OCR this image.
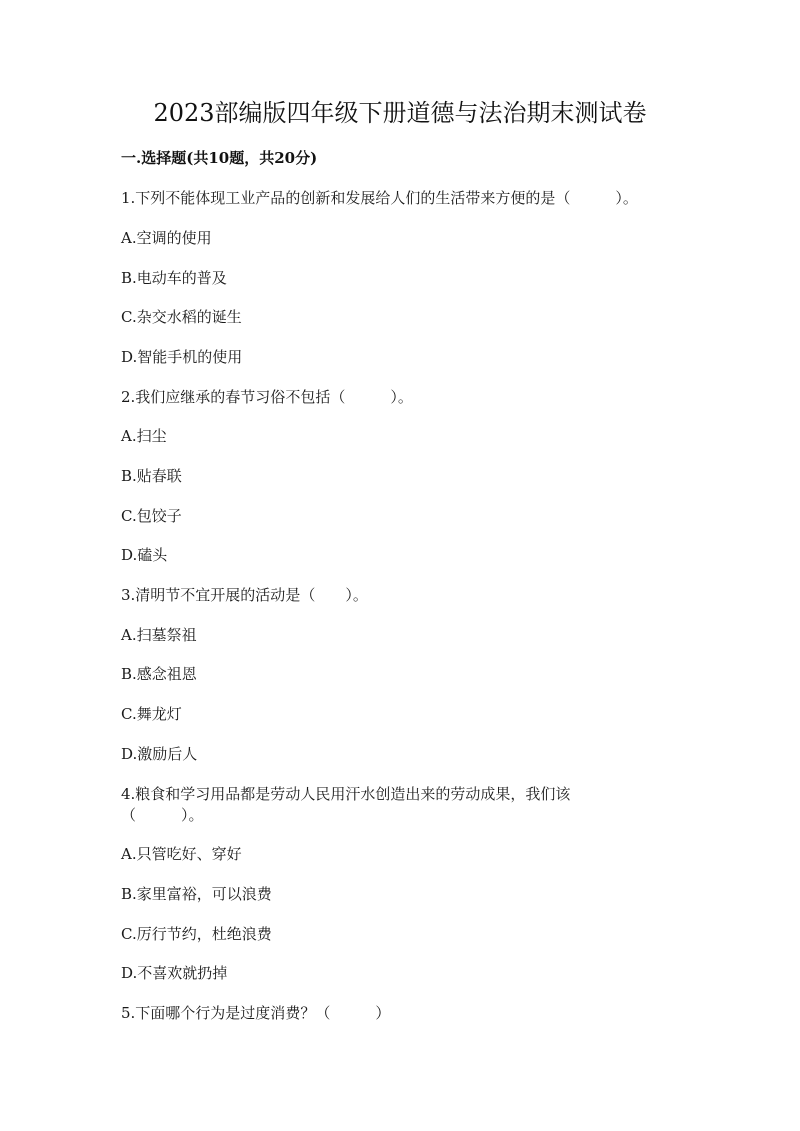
2023部编版四年级下册道德与法治期末测试卷
一.选择题(共10题，共20分)
1.下列不能体现工业产品的创新和发展给人们的生活带来方便的是（　　　）。
A.空调的使用
B.电动车的普及
C.杂交水稻的诞生
D.智能手机的使用
2.我们应继承的春节习俗不包括（　　　）。
A.扫尘
B.贴春联
C.包饺子
D.磕头
3.清明节不宜开展的活动是（　　）。
A.扫墓祭祖
B.感念祖恩
C.舞龙灯
D.激励后人
4.粮食和学习用品都是劳动人民用汗水创造出来的劳动成果，我们该
（　　　）。
A.只管吃好、穿好
B.家里富裕，可以浪费
C.厉行节约，杜绝浪费
D.不喜欢就扔掉
5.下面哪个行为是过度消费？（　　　）
